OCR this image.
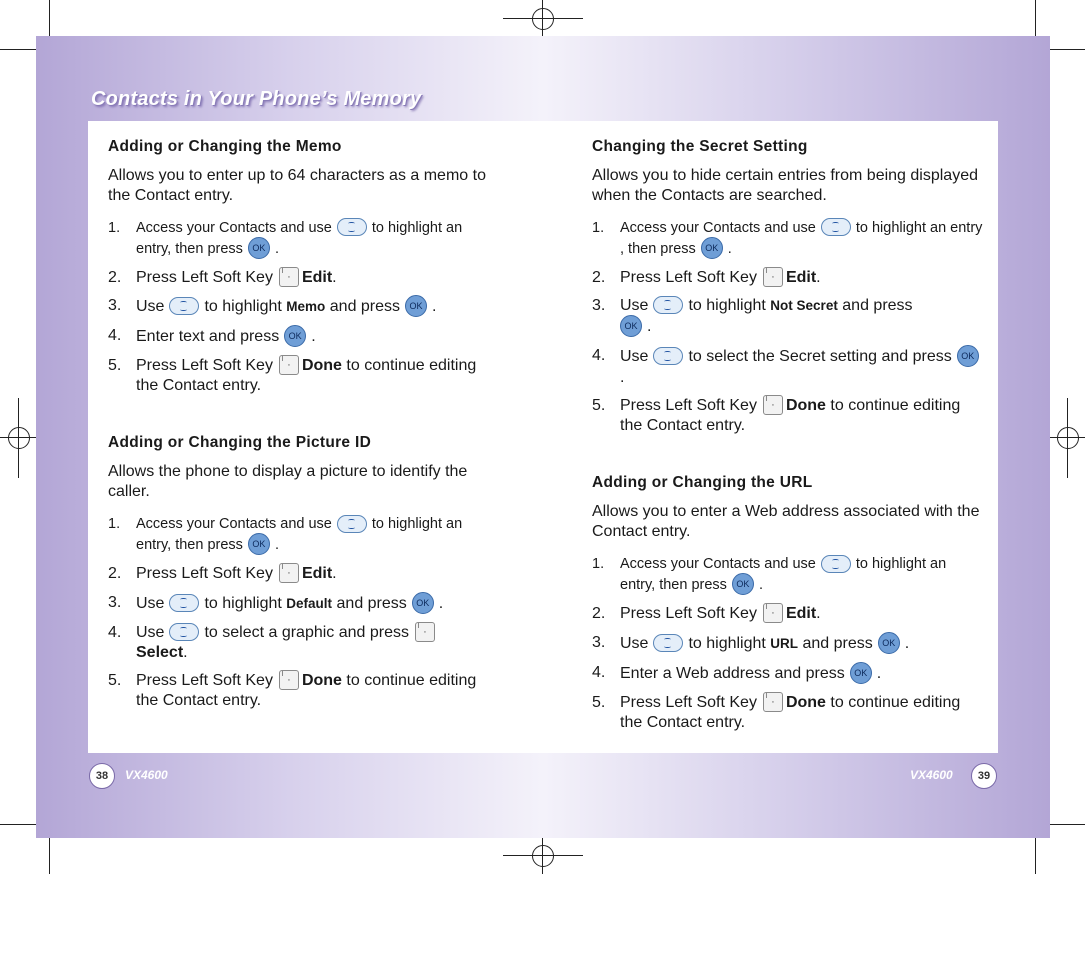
Contacts in Your Phone’s Memory
Adding or Changing the Memo

Allows you to enter up to 64 characters as a memo to the Contact entry.

1. Access your Contacts and use	to highlight an entry, then press OK .
2. Press Left Soft Key · Edit.
3. Use	to highlight Memo and press OK .
4. Enter text and press OK .
5. Press Left Soft Key · Done to continue editing the Contact entry.
Adding or Changing the Picture ID

Allows the phone to display a picture to identify the caller.

1. Access your Contacts and use	to highlight an entry, then press OK .
2. Press Left Soft Key · Edit.
3. Use	to highlight Default and press OK .
4. Use	to select a graphic and press ·
Select.
5. Press Left Soft Key · Done to continue editing the Contact entry.
Changing the Secret Setting

Allows you to hide certain entries from being displayed when the Contacts are searched.

1. Access your Contacts and use	to highlight an entry , then press OK .
2. Press Left Soft Key · Edit.
3. Use	to highlight Not Secret and press
OK .
4. Use	to select the Secret setting and press OK.
5. Press Left Soft Key · Done to continue editing the Contact entry.
Adding or Changing the URL

Allows you to enter a Web address associated with the Contact entry.

1. Access your Contacts and use	to highlight an entry, then press OK .
2. Press Left Soft Key · Edit.
3. Use	to highlight URL and press OK .
4. Enter a Web address and press OK .
5. Press Left Soft Key · Done to continue editing the Contact entry.
38	VX4600	VX4600	39
